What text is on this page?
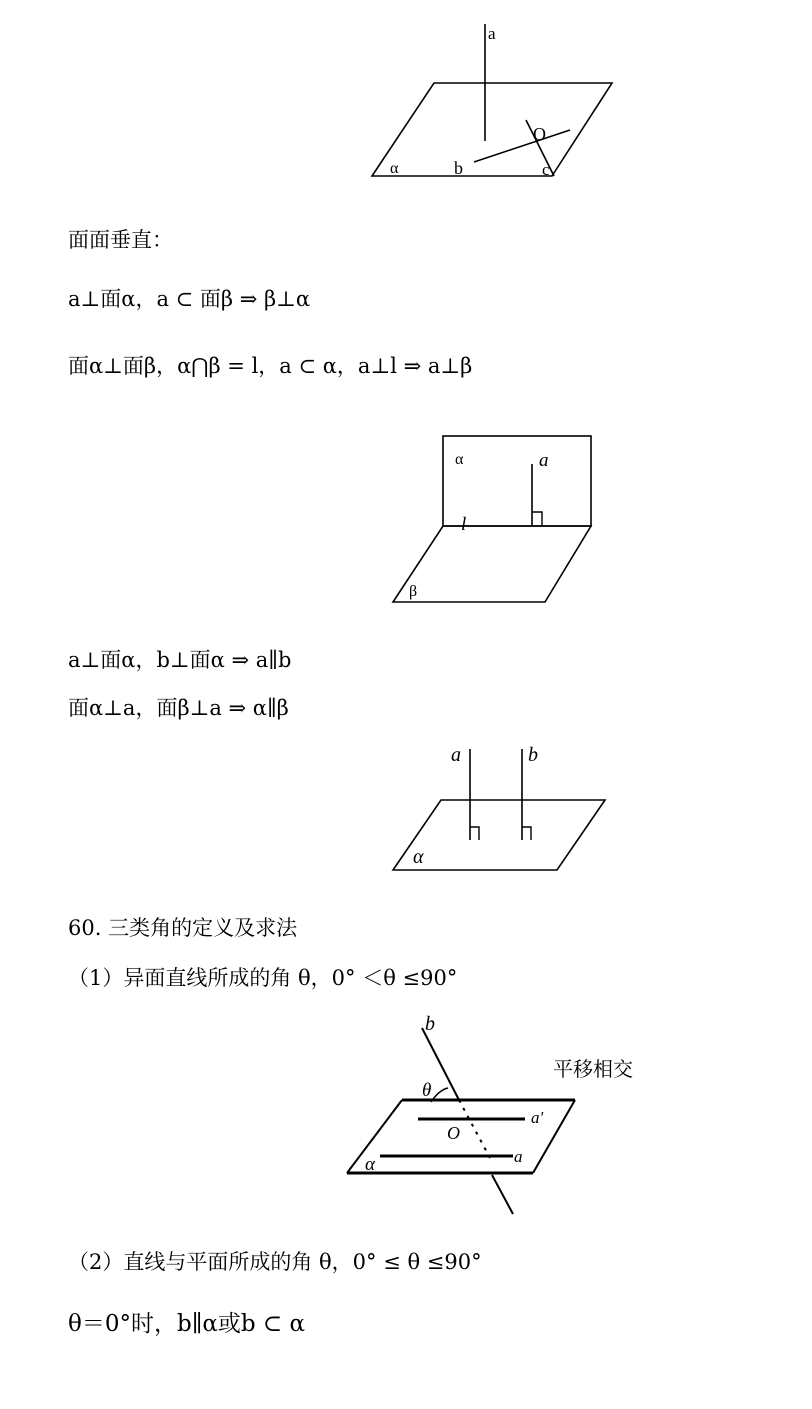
a
O
b	c
α
面面垂直：
a⊥面α，a ⊂ 面β ⇒ β⊥α
面α⊥面β，α⋂β = l，a ⊂ α，a⊥l ⇒ a⊥β
α	a
l
β
a⊥面α，b⊥面α ⇒ a∥b
面α⊥a，面β⊥a ⇒ α∥β
a	b
α
60. 三类角的定义及求法
（1）异面直线所成的角 θ，0° ＜θ ≤90°
b
平移相交
θ
a'
O
a
α
（2）直线与平面所成的角 θ，0° ≤ θ ≤90°
θ＝0°时，b∥α或b ⊂ α
